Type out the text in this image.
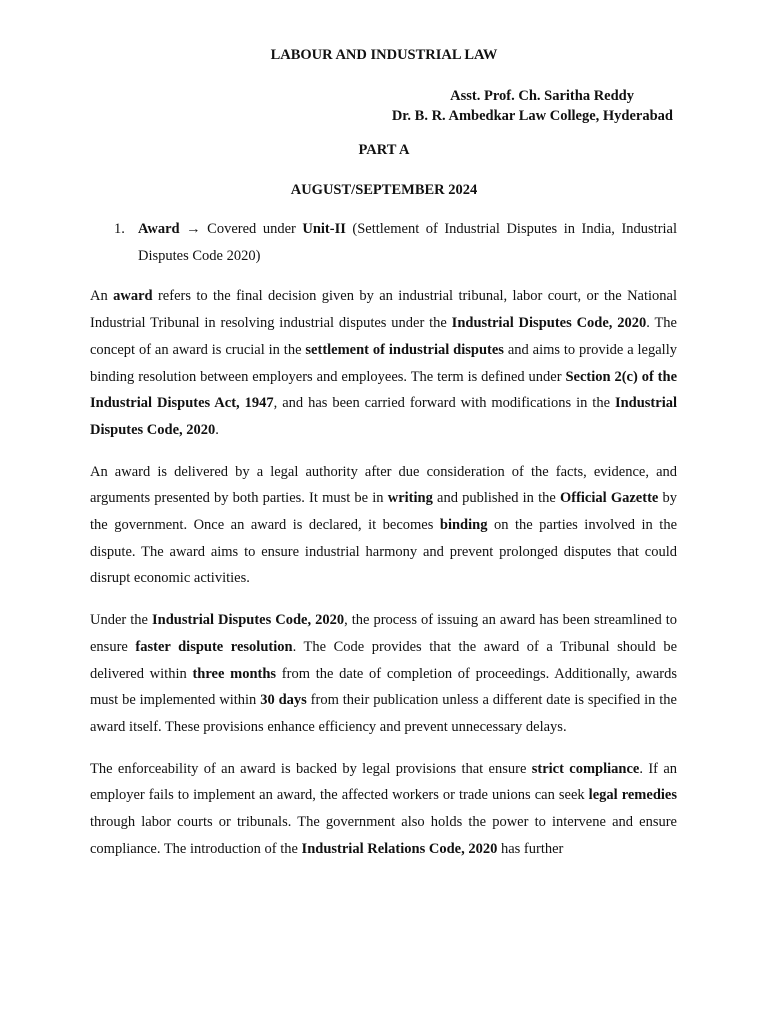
LABOUR AND INDUSTRIAL LAW
Asst. Prof. Ch. Saritha Reddy
Dr. B. R. Ambedkar Law College, Hyderabad
PART A
AUGUST/SEPTEMBER 2024
1. Award → Covered under Unit-II (Settlement of Industrial Disputes in India, Industrial Disputes Code 2020)

An award refers to the final decision given by an industrial tribunal, labor court, or the National Industrial Tribunal in resolving industrial disputes under the Industrial Disputes Code, 2020. The concept of an award is crucial in the settlement of industrial disputes and aims to provide a legally binding resolution between employers and employees. The term is defined under Section 2(c) of the Industrial Disputes Act, 1947, and has been carried forward with modifications in the Industrial Disputes Code, 2020.

An award is delivered by a legal authority after due consideration of the facts, evidence, and arguments presented by both parties. It must be in writing and published in the Official Gazette by the government. Once an award is declared, it becomes binding on the parties involved in the dispute. The award aims to ensure industrial harmony and prevent prolonged disputes that could disrupt economic activities.

Under the Industrial Disputes Code, 2020, the process of issuing an award has been streamlined to ensure faster dispute resolution. The Code provides that the award of a Tribunal should be delivered within three months from the date of completion of proceedings. Additionally, awards must be implemented within 30 days from their publication unless a different date is specified in the award itself. These provisions enhance efficiency and prevent unnecessary delays.

The enforceability of an award is backed by legal provisions that ensure strict compliance. If an employer fails to implement an award, the affected workers or trade unions can seek legal remedies through labor courts or tribunals. The government also holds the power to intervene and ensure compliance. The introduction of the Industrial Relations Code, 2020 has further
